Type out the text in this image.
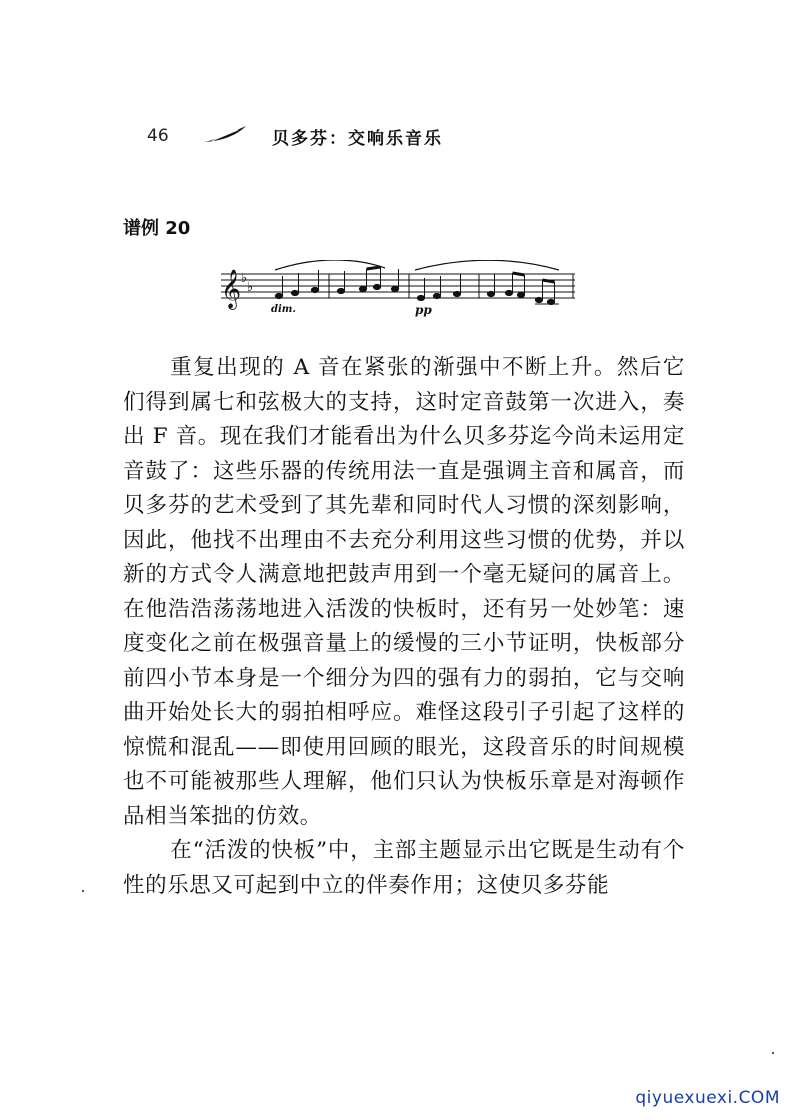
46	贝多芬：交响乐音乐
谱例 20
𝄞 ♭
♭
dim.	pp

重复出现的 A 音在紧张的渐强中不断上升。然后它们得到属七和弦极大的支持，这时定音鼓第一次进入，奏出 F 音。现在我们才能看出为什么贝多芬迄今尚未运用定音鼓了：这些乐器的传统用法一直是强调主音和属音，而贝多芬的艺术受到了其先辈和同时代人习惯的深刻影响，因此，他找不出理由不去充分利用这些习惯的优势，并以新的方式令人满意地把鼓声用到一个毫无疑问的属音上。在他浩浩荡荡地进入活泼的快板时，还有另一处妙笔：速度变化之前在极强音量上的缓慢的三小节证明，快板部分前四小节本身是一个细分为四的强有力的弱拍，它与交响曲开始处长大的弱拍相呼应。难怪这段引子引起了这样的惊慌和混乱——即使用回顾的眼光，这段音乐的时间规模也不可能被那些人理解，他们只认为快板乐章是对海顿作品相当笨拙的仿效。

在“活泼的快板”中，主部主题显示出它既是生动有个性的乐思又可起到中立的伴奏作用；这使贝多芬能

qiyuexuexi.COM
